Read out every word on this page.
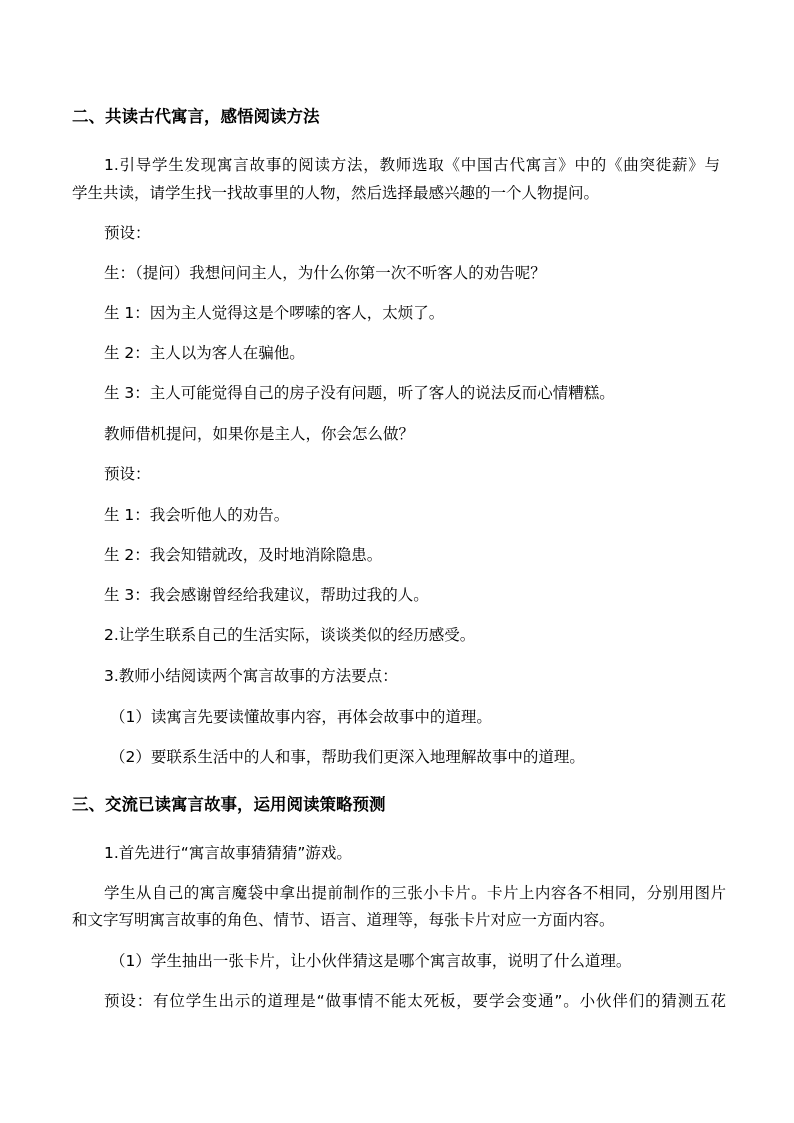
二、共读古代寓言，感悟阅读方法

1.引导学生发现寓言故事的阅读方法，教师选取《中国古代寓言》中的《曲突徙薪》与

学生共读，请学生找一找故事里的人物，然后选择最感兴趣的一个人物提问。

预设：

生：（提问）我想问问主人，为什么你第一次不听客人的劝告呢？

生 1：因为主人觉得这是个啰嗦的客人，太烦了。

生 2：主人以为客人在骗他。

生 3：主人可能觉得自己的房子没有问题，听了客人的说法反而心情糟糕。

教师借机提问，如果你是主人，你会怎么做？

预设：

生 1：我会听他人的劝告。

生 2：我会知错就改，及时地消除隐患。

生 3：我会感谢曾经给我建议，帮助过我的人。

2.让学生联系自己的生活实际，谈谈类似的经历感受。

3.教师小结阅读两个寓言故事的方法要点：

（1）读寓言先要读懂故事内容，再体会故事中的道理。

（2）要联系生活中的人和事，帮助我们更深入地理解故事中的道理。

三、交流已读寓言故事，运用阅读策略预测

1.首先进行“寓言故事猜猜猜”游戏。

学生从自己的寓言魔袋中拿出提前制作的三张小卡片。卡片上内容各不相同，分别用图片

和文字写明寓言故事的角色、情节、语言、道理等，每张卡片对应一方面内容。

（1）学生抽出一张卡片，让小伙伴猜这是哪个寓言故事，说明了什么道理。

预设：有位学生出示的道理是“做事情不能太死板，要学会变通”。小伙伴们的猜测五花
